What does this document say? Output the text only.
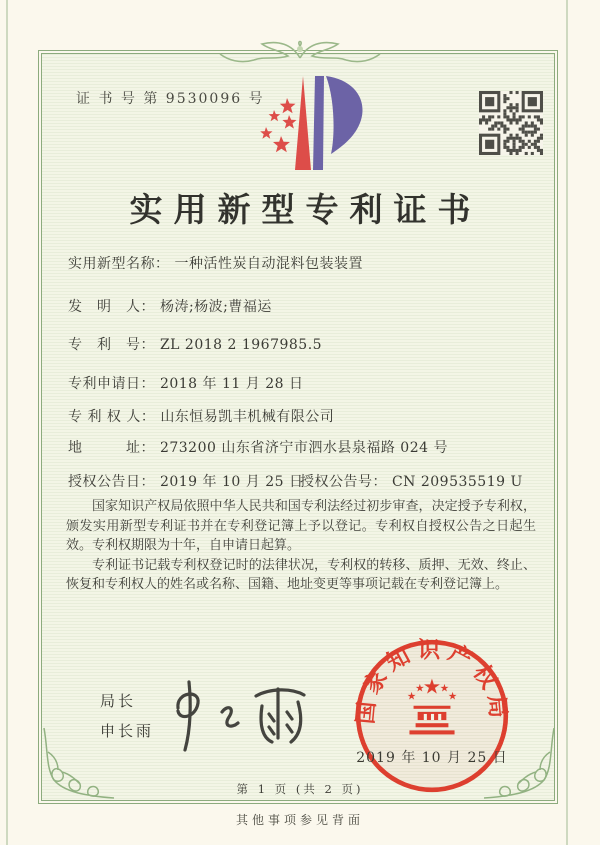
证 书 号 第 9530096 号
实用新型专利证书
实用新型名称： 一种活性炭自动混料包装装置
发　明　人： 杨涛;杨波;曹福运
专　利　号： ZL 2018 2 1967985.5
专利申请日： 2018 年 11 月 28 日
专 利 权 人： 山东恒易凯丰机械有限公司
地　　　址： 273200 山东省济宁市泗水县泉福路 024 号
授权公告日： 2019 年 10 月 25 日
授权公告号： CN 209535519 U

国家知识产权局依照中华人民共和国专利法经过初步审查，决定授予专利权，颁发实用新型专利证书并在专利登记簿上予以登记。专利权自授权公告之日起生效。专利权期限为十年，自申请日起算。

专利证书记载专利权登记时的法律状况，专利权的转移、质押、无效、终止、恢复和专利权人的姓名或名称、国籍、地址变更等事项记载在专利登记簿上。

局长
申长雨
国家知识产权局
★
★
★ ★
★
2019 年 10 月 25 日
第 1 页 (共 2 页)
其他事项参见背面
